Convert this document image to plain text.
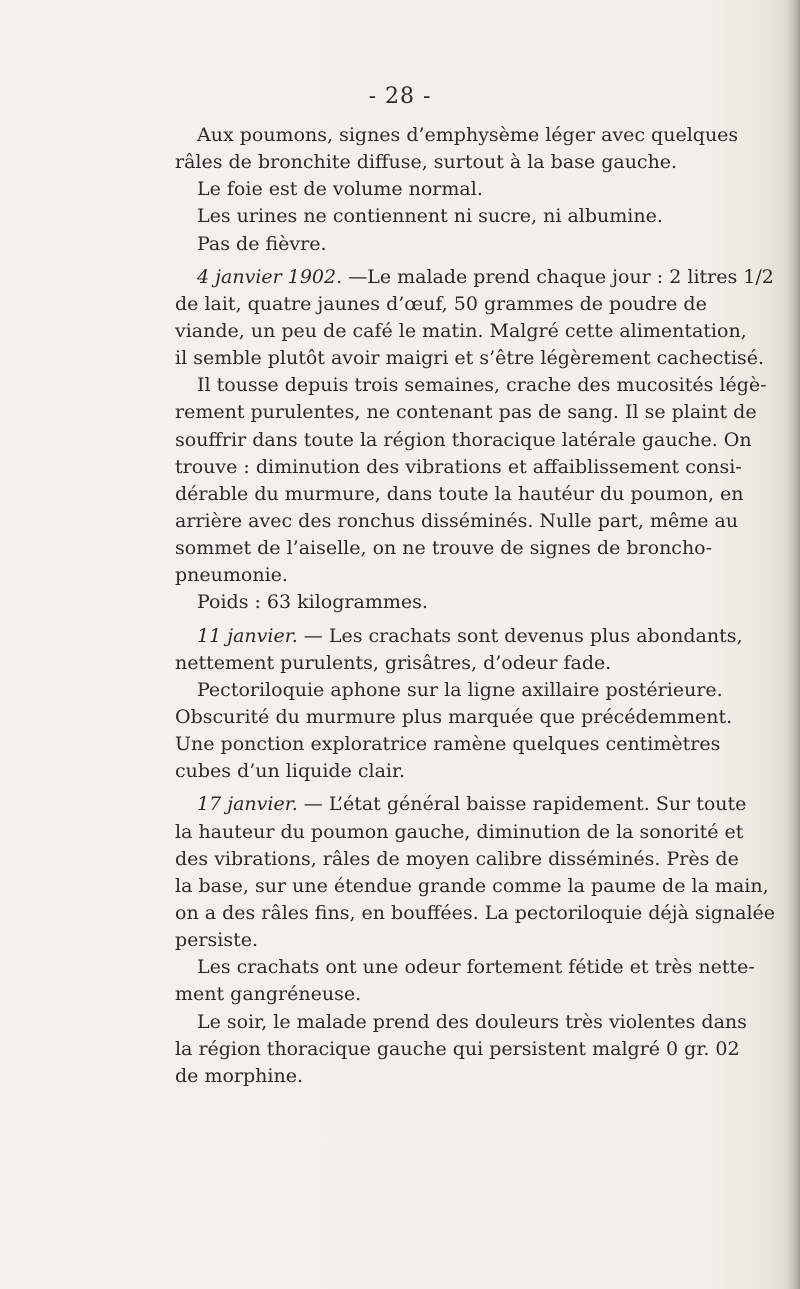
- 28 -
Aux poumons, signes d’emphysème léger avec quelques
râles de bronchite diffuse, surtout à la base gauche.
Le foie est de volume normal.
Les urines ne contiennent ni sucre, ni albumine.
Pas de fièvre.
4 janvier 1902. —Le malade prend chaque jour : 2 litres 1/2
de lait, quatre jaunes d’œuf, 50 grammes de poudre de
viande, un peu de café le matin. Malgré cette alimentation,
il semble plutôt avoir maigri et s’être légèrement cachectisé.
Il tousse depuis trois semaines, crache des mucosités légè-
rement purulentes, ne contenant pas de sang. Il se plaint de
souffrir dans toute la région thoracique latérale gauche. On
trouve : diminution des vibrations et affaiblissement consi-
dérable du murmure, dans toute la hautéur du poumon, en
arrière avec des ronchus disséminés. Nulle part, même au
sommet de l’aiselle, on ne trouve de signes de broncho-
pneumonie.
Poids : 63 kilogrammes.
11 janvier. — Les crachats sont devenus plus abondants,
nettement purulents, grisâtres, d’odeur fade.
Pectoriloquie aphone sur la ligne axillaire postérieure.
Obscurité du murmure plus marquée que précédemment.
Une ponction exploratrice ramène quelques centimètres
cubes d’un liquide clair.
17 janvier. — L’état général baisse rapidement. Sur toute
la hauteur du poumon gauche, diminution de la sonorité et
des vibrations, râles de moyen calibre disséminés. Près de
la base, sur une étendue grande comme la paume de la main,
on a des râles fins, en bouffées. La pectoriloquie déjà signalée
persiste.
Les crachats ont une odeur fortement fétide et très nette-
ment gangréneuse.
Le soir, le malade prend des douleurs très violentes dans
la région thoracique gauche qui persistent malgré 0 gr. 02
de morphine.
